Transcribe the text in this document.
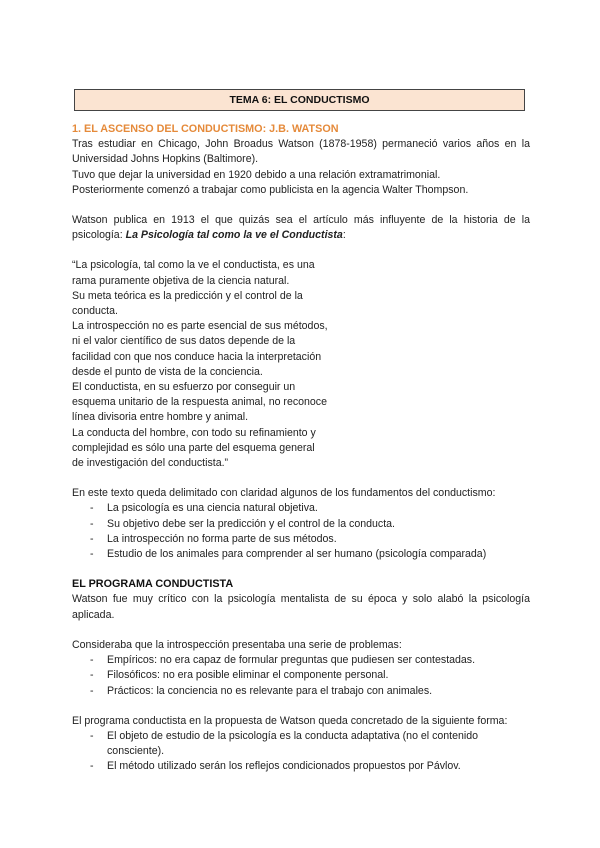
TEMA 6: EL CONDUCTISMO

1. EL ASCENSO DEL CONDUCTISMO: J.B. WATSON

Tras estudiar en Chicago, John Broadus Watson (1878-1958) permaneció varios años en la Universidad Johns Hopkins (Baltimore).

Tuvo que dejar la universidad en 1920 debido a una relación extramatrimonial.

Posteriormente comenzó a trabajar como publicista en la agencia Walter Thompson.

Watson publica en 1913 el que quizás sea el artículo más influyente de la historia de la psicología: La Psicología tal como la ve el Conductista:

“La psicología, tal como la ve el conductista, es una
rama puramente objetiva de la ciencia natural.
Su meta teórica es la predicción y el control de la
conducta.
La introspección no es parte esencial de sus métodos,
ni el valor científico de sus datos depende de la
facilidad con que nos conduce hacia la interpretación
desde el punto de vista de la conciencia.
El conductista, en su esfuerzo por conseguir un
esquema unitario de la respuesta animal, no reconoce
línea divisoria entre hombre y animal.
La conducta del hombre, con todo su refinamiento y
complejidad es sólo una parte del esquema general
de investigación del conductista.”

En este texto queda delimitado con claridad algunos de los fundamentos del conductismo:

- La psicología es una ciencia natural objetiva.
- Su objetivo debe ser la predicción y el control de la conducta.
- La introspección no forma parte de sus métodos.
- Estudio de los animales para comprender al ser humano (psicología comparada)

EL PROGRAMA CONDUCTISTA

Watson fue muy crítico con la psicología mentalista de su época y solo alabó la psicología aplicada.

Consideraba que la introspección presentaba una serie de problemas:

- Empíricos: no era capaz de formular preguntas que pudiesen ser contestadas.
- Filosóficos: no era posible eliminar el componente personal.
- Prácticos: la conciencia no es relevante para el trabajo con animales.

El programa conductista en la propuesta de Watson queda concretado de la siguiente forma:

- El objeto de estudio de la psicología es la conducta adaptativa (no el contenido consciente).
- El método utilizado serán los reflejos condicionados propuestos por Pávlov.
